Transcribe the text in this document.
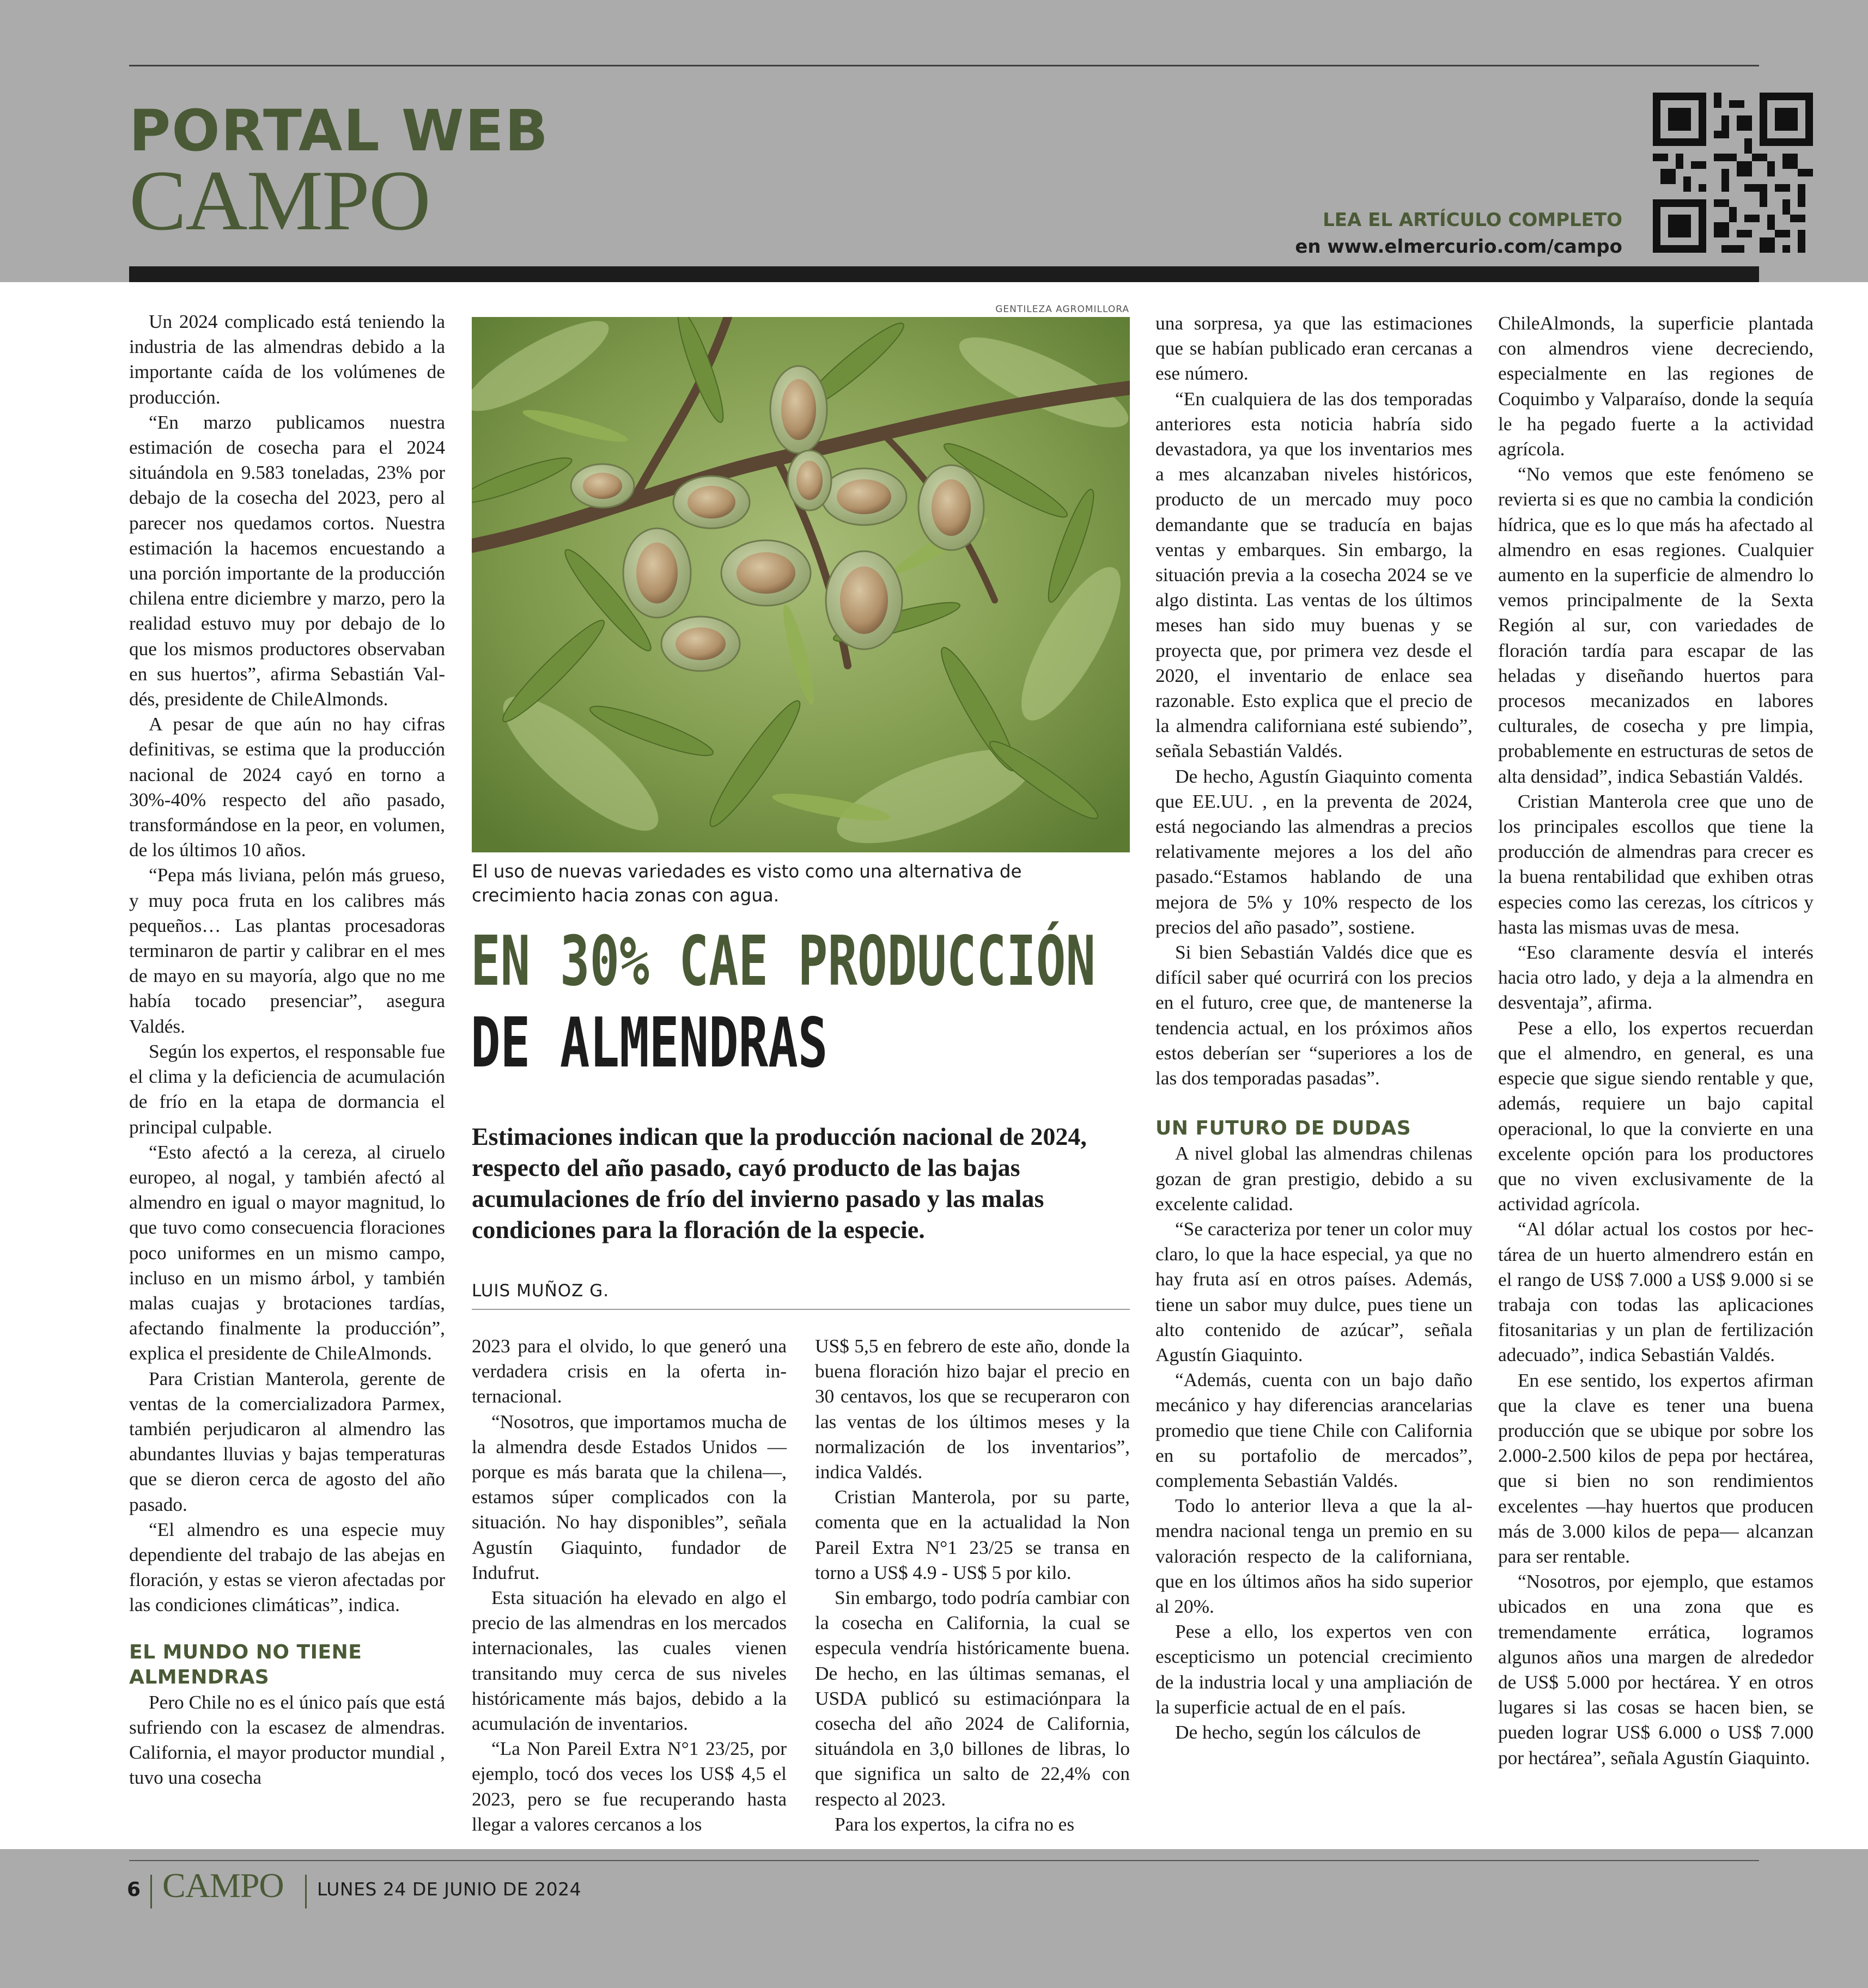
PORTAL WEB
CAMPO	LEA EL ARTÍCULO COMPLETO
en www.elmercurio.com/campo

Un 2024 complicado está teniendo la industria de las almendras debido a la importante caída de los volúmenes de producción.

“En marzo publicamos nuestra estimación de cosecha para el 2024 situándola en 9.583 toneladas, 23% por debajo de la cosecha del 2023, pero al parecer nos quedamos cortos. Nuestra estimación la hacemos encuestando a una porción importante de la producción chilena entre diciembre y marzo, pero la realidad estuvo muy por debajo de lo que los mismos productores observaban en sus huertos”, afirma Sebastián Valdés, presidente de ChileAlmonds.

A pesar de que aún no hay cifras definitivas, se estima que la producción nacional de 2024 cayó en torno a 30%-40% respecto del año pasado, transformándose en la peor, en volumen, de los últimos 10 años.

“Pepa más liviana, pelón más grueso, y muy poca fruta en los calibres más pequeños… Las plantas procesadoras terminaron de partir y calibrar en el mes de mayo en su mayoría, algo que no me había tocado presenciar”, asegura Valdés.

Según los expertos, el responsable fue el clima y la deficiencia de acumulación de frío en la etapa de dormancia el principal culpable.

“Esto afectó a la cereza, al ciruelo europeo, al nogal, y también afectó al almendro en igual o mayor magnitud, lo que tuvo como consecuencia floraciones poco uniformes en un mismo campo, incluso en un mismo árbol, y también malas cuajas y brotaciones tardías, afectando finalmente la producción”, explica el presidente de ChileAlmonds.

Para Cristian Manterola, gerente de ventas de la comercializadora Parmex, también perjudicaron al almendro las abundantes lluvias y bajas temperaturas que se dieron cerca de agosto del año pasado.

“El almendro es una especie muy dependiente del trabajo de las abejas en floración, y estas se vieron afectadas por las condiciones climáticas”, indica.

EL MUNDO NO TIENE ALMENDRAS

Pero Chile no es el único país que está sufriendo con la escasez de almendras. California, el mayor productor mundial , tuvo una cosecha

GENTILEZA AGROMILLORA
El uso de nuevas variedades es visto como una alternativa de crecimiento hacia zonas con agua.
EN 30% CAE PRODUCCIÓN
DE ALMENDRAS
Estimaciones indican que la producción nacional de 2024, respecto del año pasado, cayó producto de las bajas acumulaciones de frío del invierno pasado y las malas condiciones para la floración de la especie.
LUIS MUÑOZ G.

2023 para el olvido, lo que generó una verdadera crisis en la oferta internacional.

“Nosotros, que importamos mucha de la almendra desde Estados Unidos —porque es más barata que la chilena—, estamos súper complicados con la situación. No hay disponibles”, señala Agustín Giaquinto, fundador de Indufrut.

Esta situación ha elevado en algo el precio de las almendras en los mercados internacionales, las cuales vienen transitando muy cerca de sus niveles históricamente más bajos, debido a la acumulación de inventarios.

“La Non Pareil Extra N°1 23/25, por ejemplo, tocó dos veces los US$ 4,5 el 2023, pero se fue recuperando hasta llegar a valores cercanos a los

US$ 5,5 en febrero de este año, donde la buena floración hizo bajar el precio en 30 centavos, los que se recuperaron con las ventas de los últimos meses y la normalización de los inventarios”, indica Valdés.

Cristian Manterola, por su parte, comenta que en la actualidad la Non Pareil Extra N°1 23/25 se transa en torno a US$ 4.9 - US$ 5 por kilo.

Sin embargo, todo podría cambiar con la cosecha en California, la cual se especula vendría históricamente buena. De hecho, en las últimas semanas, el USDA publicó su estimaciónpara la cosecha del año 2024 de California, situándola en 3,0 billones de libras, lo que significa un salto de 22,4% con respecto al 2023.

Para los expertos, la cifra no es

una sorpresa, ya que las estimaciones que se habían publicado eran cercanas a ese número.

“En cualquiera de las dos temporadas anteriores esta noticia habría sido devastadora, ya que los inventarios mes a mes alcanzaban niveles históricos, producto de un mercado muy poco demandante que se traducía en bajas ventas y embarques. Sin embargo, la situación previa a la cosecha 2024 se ve algo distinta. Las ventas de los últimos meses han sido muy buenas y se proyecta que, por primera vez desde el 2020, el inventario de enlace sea razonable. Esto explica que el precio de la almendra californiana esté subiendo”, señala Sebastián Valdés.

De hecho, Agustín Giaquinto comenta que EE.UU. , en la preventa de 2024, está negociando las almendras a precios relativamente mejores a los del año pasado.“Estamos hablando de una mejora de 5% y 10% respecto de los precios del año pasado”, sostiene.

Si bien Sebastián Valdés dice que es difícil saber qué ocurrirá con los precios en el futuro, cree que, de mantenerse la tendencia actual, en los próximos años estos deberían ser “superiores a los de las dos temporadas pasadas”.

UN FUTURO DE DUDAS

A nivel global las almendras chilenas gozan de gran prestigio, debido a su excelente calidad.

“Se caracteriza por tener un color muy claro, lo que la hace especial, ya que no hay fruta así en otros países. Además, tiene un sabor muy dulce, pues tiene un alto contenido de azúcar”, señala Agustín Giaquinto.

“Además, cuenta con un bajo daño mecánico y hay diferencias arancelarias promedio que tiene Chile con California en su portafolio de mercados”, complementa Sebastián Valdés.

Todo lo anterior lleva a que la almendra nacional tenga un premio en su valoración respecto de la californiana, que en los últimos años ha sido superior al 20%.

Pese a ello, los expertos ven con escepticismo un potencial crecimiento de la industria local y una ampliación de la superficie actual de en el país.

De hecho, según los cálculos de

ChileAlmonds, la superficie plantada con almendros viene decreciendo, especialmente en las regiones de Coquimbo y Valparaíso, donde la sequía le ha pegado fuerte a la actividad agrícola.

“No vemos que este fenómeno se revierta si es que no cambia la condición hídrica, que es lo que más ha afectado al almendro en esas regiones. Cualquier aumento en la superficie de almendro lo vemos principalmente de la Sexta Región al sur, con variedades de floración tardía para escapar de las heladas y diseñando huertos para procesos mecanizados en labores culturales, de cosecha y pre limpia, probablemente en estructuras de setos de alta densidad”, indica Sebastián Valdés.

Cristian Manterola cree que uno de los principales escollos que tiene la producción de almendras para crecer es la buena rentabilidad que exhiben otras especies como las cerezas, los cítricos y hasta las mismas uvas de mesa.

“Eso claramente desvía el interés hacia otro lado, y deja a la almendra en desventaja”, afirma.

Pese a ello, los expertos recuerdan que el almendro, en general, es una especie que sigue siendo rentable y que, además, requiere un bajo capital operacional, lo que la convierte en una excelente opción para los productores que no viven exclusivamente de la actividad agrícola.

“Al dólar actual los costos por hectárea de un huerto almendrero están en el rango de US$ 7.000 a US$ 9.000 si se trabaja con todas las aplicaciones fitosanitarias y un plan de fertilización adecuado”, indica Sebastián Valdés.

En ese sentido, los expertos afirman que la clave es tener una buena producción que se ubique por sobre los 2.000-2.500 kilos de pepa por hectárea, que si bien no son rendimientos excelentes —hay huertos que producen más de 3.000 kilos de pepa— alcanzan para ser rentable.

“Nosotros, por ejemplo, que estamos ubicados en una zona que es tremendamente errática, logramos algunos años una margen de alrededor de US$ 5.000 por hectárea. Y en otros lugares si las cosas se hacen bien, se pueden lograr US$ 6.000 o US$ 7.000 por hectárea”, señala Agustín Giaquinto.

6 CAMPO LUNES 24 DE JUNIO DE 2024
